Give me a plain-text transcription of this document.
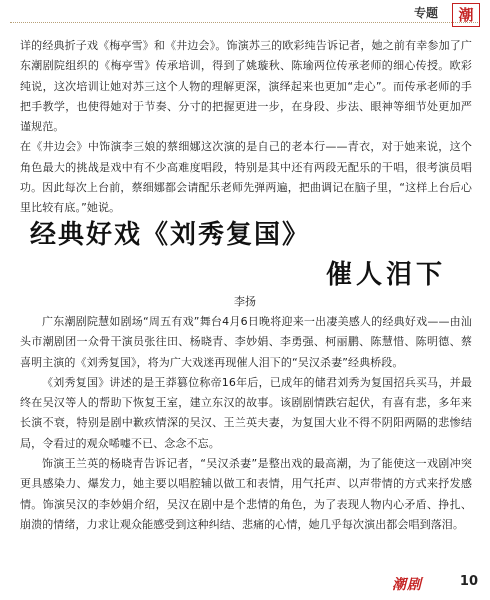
专题	潮

详的经典折子戏《梅亭雪》和《井边会》。饰演苏三的欧彩纯告诉记者，她之前有幸参加了广东潮剧院组织的《梅亭雪》传承培训，得到了姚璇秋、陈瑜两位传承老师的细心传授。欧彩纯说，这次培训让她对苏三这个人物的理解更深，演绎起来也更加“走心”。而传承老师的手把手教学，也使得她对于节奏、分寸的把握更进一步，在身段、步法、眼神等细节处更加严谨规范。

在《井边会》中饰演李三娘的蔡细娜这次演的是自己的老本行——青衣，对于她来说，这个角色最大的挑战是戏中有不少高难度唱段，特别是其中还有两段无配乐的干唱，很考演员唱功。因此每次上台前，蔡细娜都会请配乐老师先弹两遍，把曲调记在脑子里，“这样上台后心里比较有底。”她说。

经典好戏《刘秀复国》
催人泪下
李扬

广东潮剧院慧如剧场“周五有戏”舞台4月6日晚将迎来一出凄美感人的经典好戏——由汕头市潮剧团一众骨干演员张往田、杨晓青、李妙娟、李勇强、柯丽鹏、陈慧惜、陈明德、蔡喜明主演的《刘秀复国》，将为广大戏迷再现催人泪下的“吴汉杀妻”经典桥段。

《刘秀复国》讲述的是王莽篡位称帝16年后，已成年的储君刘秀为复国招兵买马，并最终在吴汉等人的帮助下恢复王室，建立东汉的故事。该剧剧情跌宕起伏，有喜有悲，多年来长演不衰，特别是剧中歉疚情深的吴汉、王兰英夫妻，为复国大业不得不阴阳两隔的悲惨结局，令看过的观众唏嘘不已、念念不忘。

饰演王兰英的杨晓青告诉记者，“吴汉杀妻”是整出戏的最高潮，为了能使这一戏剧冲突更具感染力、爆发力，她主要以唱腔辅以做工和表情，用气托声、以声带情的方式来抒发感情。饰演吴汉的李妙娟介绍，吴汉在剧中是个悲情的角色，为了表现人物内心矛盾、挣扎、崩溃的情绪，力求让观众能感受到这种纠结、悲痛的心情，她几乎每次演出都会唱到落泪。

潮剧	10
